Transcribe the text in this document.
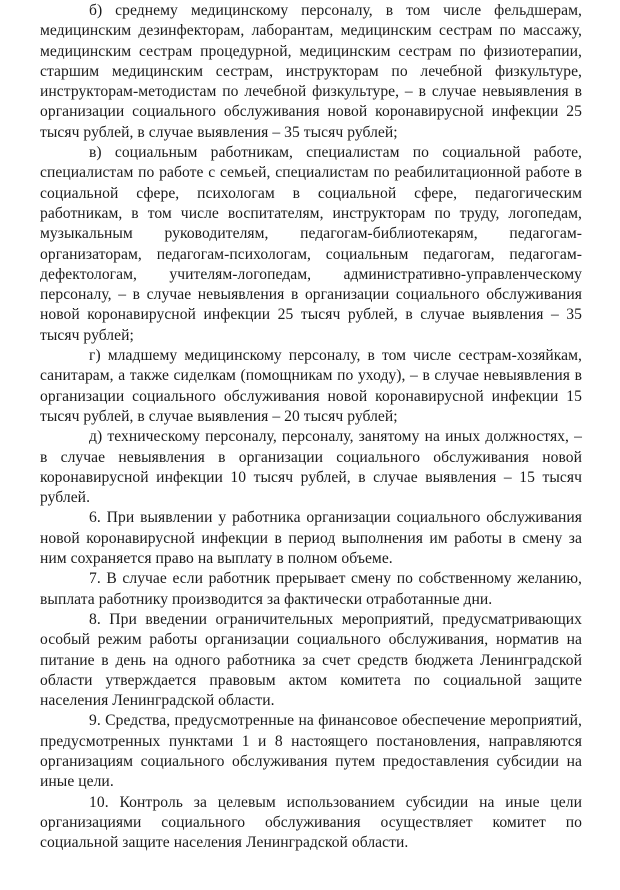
б) среднему медицинскому персоналу, в том числе фельдшерам, медицинским дезинфекторам, лаборантам, медицинским сестрам по массажу, медицинским сестрам процедурной, медицинским сестрам по физиотерапии, старшим медицинским сестрам, инструкторам по лечебной физкультуре, инструкторам-методистам по лечебной физкультуре, – в случае невыявления в организации социального обслуживания новой коронавирусной инфекции 25 тысяч рублей, в случае выявления – 35 тысяч рублей;

в) социальным работникам, специалистам по социальной работе, специалистам по работе с семьей, специалистам по реабилитационной работе в социальной сфере, психологам в социальной сфере, педагогическим работникам, в том числе воспитателям, инструкторам по труду, логопедам, музыкальным руководителям, педагогам-библиотекарям, педагогам-организаторам, педагогам-психологам, социальным педагогам, педагогам-дефектологам, учителям-логопедам, административно-управленческому персоналу, – в случае невыявления в организации социального обслуживания новой коронавирусной инфекции 25 тысяч рублей, в случае выявления – 35 тысяч рублей;

г) младшему медицинскому персоналу, в том числе сестрам-хозяйкам, санитарам, а также сиделкам (помощникам по уходу), – в случае невыявления в организации социального обслуживания новой коронавирусной инфекции 15 тысяч рублей, в случае выявления – 20 тысяч рублей;

д) техническому персоналу, персоналу, занятому на иных должностях, – в случае невыявления в организации социального обслуживания новой коронавирусной инфекции 10 тысяч рублей, в случае выявления – 15 тысяч рублей.

6. При выявлении у работника организации социального обслуживания новой коронавирусной инфекции в период выполнения им работы в смену за ним сохраняется право на выплату в полном объеме.

7. В случае если работник прерывает смену по собственному желанию, выплата работнику производится за фактически отработанные дни.

8. При введении ограничительных мероприятий, предусматривающих особый режим работы организации социального обслуживания, норматив на питание в день на одного работника за счет средств бюджета Ленинградской области утверждается правовым актом комитета по социальной защите населения Ленинградской области.

9. Средства, предусмотренные на финансовое обеспечение мероприятий, предусмотренных пунктами 1 и 8 настоящего постановления, направляются организациям социального обслуживания путем предоставления субсидии на иные цели.

10. Контроль за целевым использованием субсидии на иные цели организациями социального обслуживания осуществляет комитет по социальной защите населения Ленинградской области.
